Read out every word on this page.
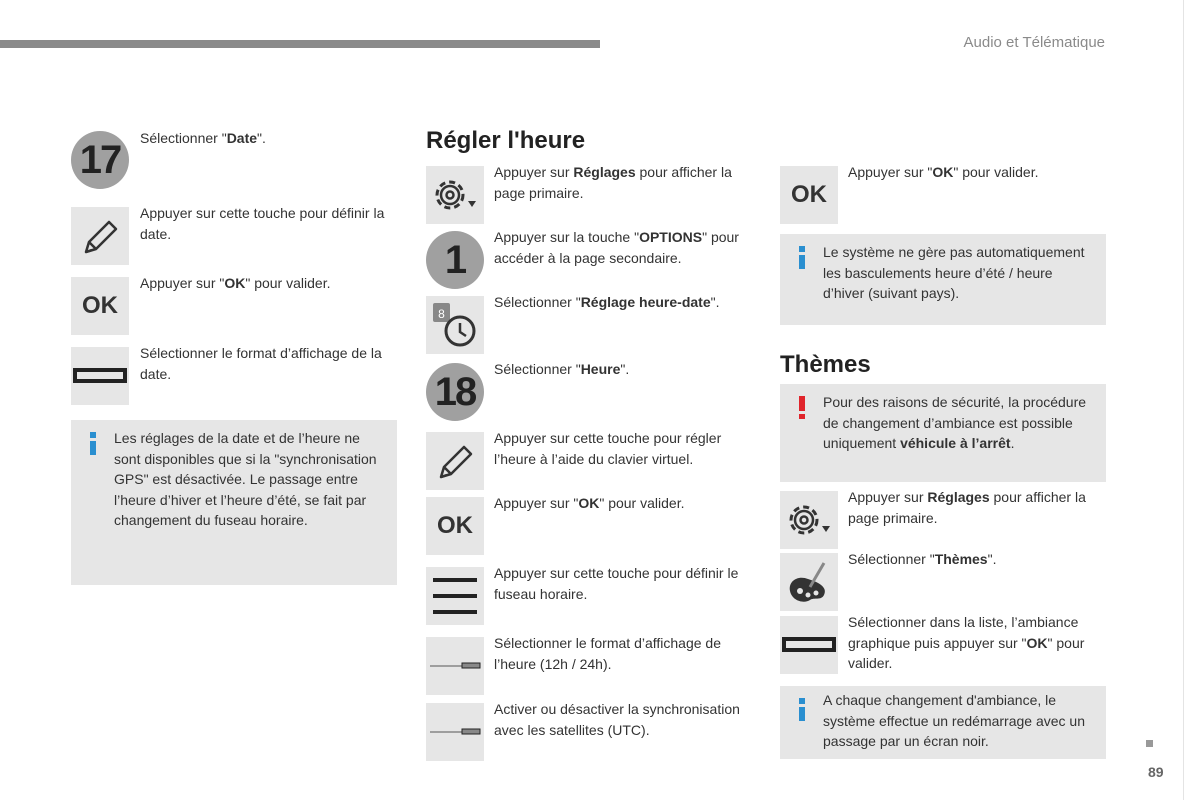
Audio et Télématique
89
17	Sélectionner "Date".
Appuyer sur cette touche pour définir la date.
OK
Appuyer sur "OK" pour valider.
Sélectionner le format d’affichage de la date.
Les réglages de la date et de l’heure ne sont disponibles que si la "synchronisation GPS" est désactivée. Le passage entre l’heure d’hiver et l’heure d’été, se fait par changement du fuseau horaire.
Régler l'heure
Appuyer sur Réglages pour afficher la page primaire.
1
Appuyer sur la touche "OPTIONS" pour accéder à la page secondaire.
8
Sélectionner "Réglage heure-date".
18
Sélectionner "Heure".
Appuyer sur cette touche pour régler l’heure à l’aide du clavier virtuel.
OK
Appuyer sur "OK" pour valider.
Appuyer sur cette touche pour définir le fuseau horaire.
Sélectionner le format d’affichage de l’heure (12h / 24h).
Activer ou désactiver la synchronisation avec les satellites (UTC).
OK
Appuyer sur "OK" pour valider.
Le système ne gère pas automatiquement les basculements heure d’été / heure d’hiver (suivant pays).
Thèmes
Pour des raisons de sécurité, la procédure de changement d’ambiance est possible uniquement véhicule à l’arrêt.
Appuyer sur Réglages pour afficher la page primaire.
Sélectionner "Thèmes".
Sélectionner dans la liste, l’ambiance graphique puis appuyer sur "OK" pour valider.
A chaque changement d'ambiance, le système effectue un redémarrage avec un passage par un écran noir.
